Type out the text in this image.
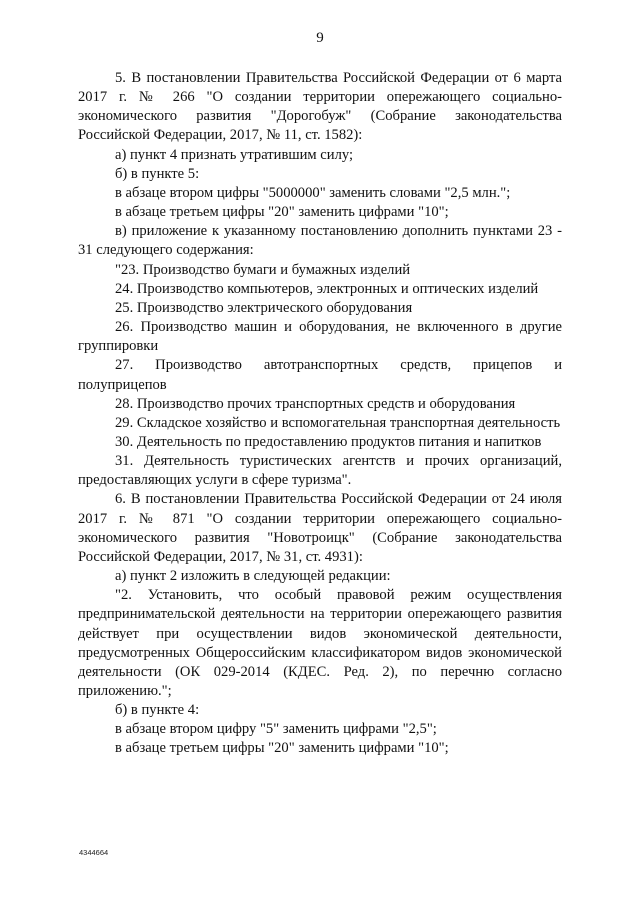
9

5. В постановлении Правительства Российской Федерации от 6 марта 2017 г. № 266 "О создании территории опережающего социально-экономического развития "Дорогобуж" (Собрание законодательства Российской Федерации, 2017, № 11, ст. 1582):

а) пункт 4 признать утратившим силу;

б) в пункте 5:

в абзаце втором цифры "5000000" заменить словами "2,5 млн.";

в абзаце третьем цифры "20" заменить цифрами "10";

в) приложение к указанному постановлению дополнить пунктами 23 - 31 следующего содержания:

"23. Производство бумаги и бумажных изделий

24. Производство компьютеров, электронных и оптических изделий

25. Производство электрического оборудования

26. Производство машин и оборудования, не включенного в другие группировки

27. Производство автотранспортных средств, прицепов и полуприцепов

28. Производство прочих транспортных средств и оборудования

29. Складское хозяйство и вспомогательная транспортная деятельность

30. Деятельность по предоставлению продуктов питания и напитков

31. Деятельность туристических агентств и прочих организаций, предоставляющих услуги в сфере туризма".

6. В постановлении Правительства Российской Федерации от 24 июля 2017 г. № 871 "О создании территории опережающего социально-экономического развития "Новотроицк" (Собрание законодательства Российской Федерации, 2017, № 31, ст. 4931):

а) пункт 2 изложить в следующей редакции:

"2. Установить, что особый правовой режим осуществления предпринимательской деятельности на территории опережающего развития действует при осуществлении видов экономической деятельности, предусмотренных Общероссийским классификатором видов экономической деятельности (ОК 029-2014 (КДЕС. Ред. 2), по перечню согласно приложению.";

б) в пункте 4:

в абзаце втором цифру "5" заменить цифрами "2,5";

в абзаце третьем цифры "20" заменить цифрами "10";

4344664
